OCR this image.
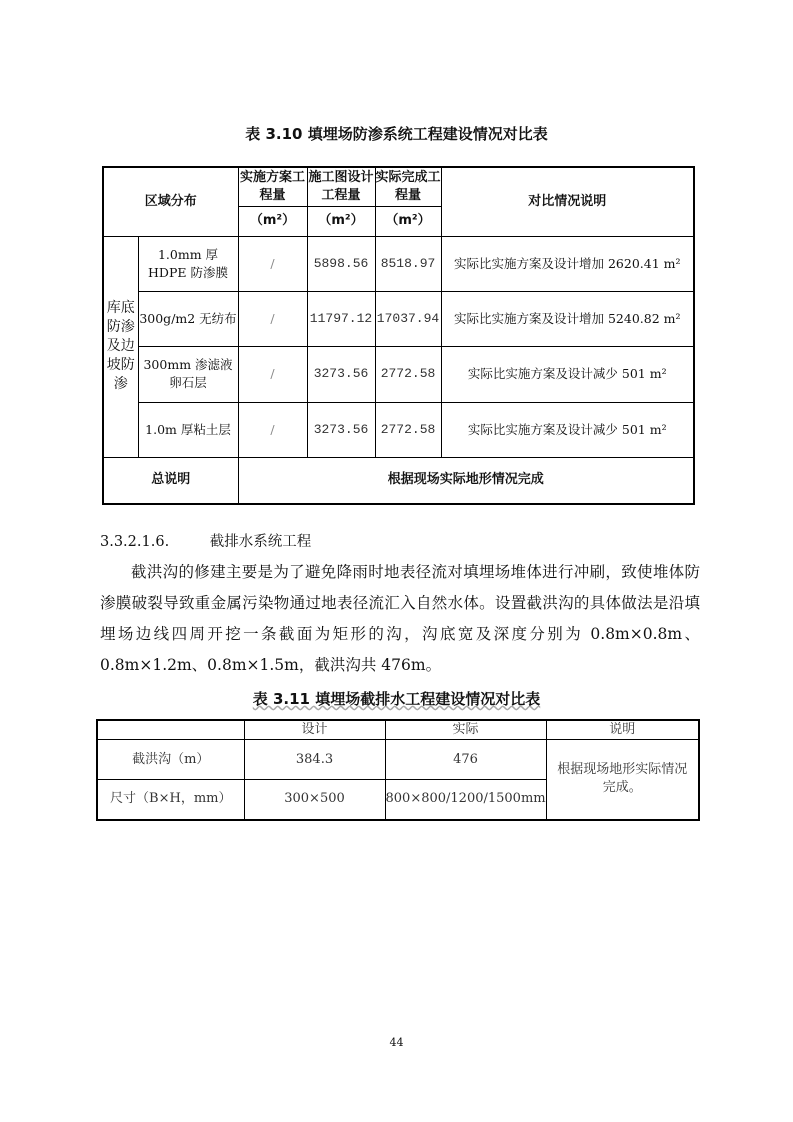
表 3.10 填埋场防渗系统工程建设情况对比表
区域分布		实施方案工程量	施工图设计工程量	实际完成工程量	对比情况说明
		（m²）	（m²）	（m²）	
库底防渗及边坡防渗	1.0mm 厚 HDPE 防渗膜	/	5898.56	8518.97	实际比实施方案及设计增加 2620.41 m²
	300g/m2 无纺布	/	11797.12	17037.94	实际比实施方案及设计增加 5240.82 m²
	300mm 渗滤液卵石层	/	3273.56	2772.58	实际比实施方案及设计减少 501 m²
	1.0m 厚粘土层	/	3273.56	2772.58	实际比实施方案及设计减少 501 m²
总说明		根据现场实际地形情况完成			
3.3.2.1.6.	截排水系统工程
截洪沟的修建主要是为了避免降雨时地表径流对填埋场堆体进行冲刷，致使堆体防渗膜破裂导致重金属污染物通过地表径流汇入自然水体。设置截洪沟的具体做法是沿填埋场边线四周开挖一条截面为矩形的沟，沟底宽及深度分别为 0.8m×0.8m、0.8m×1.2m、0.8m×1.5m，截洪沟共 476m。
表 3.11 填埋场截排水工程建设情况对比表
	设计	实际	说明
截洪沟（m）	384.3	476	根据现场地形实际情况完成。
尺寸（B×H，mm）	300×500	800×800/1200/1500mm	
44
